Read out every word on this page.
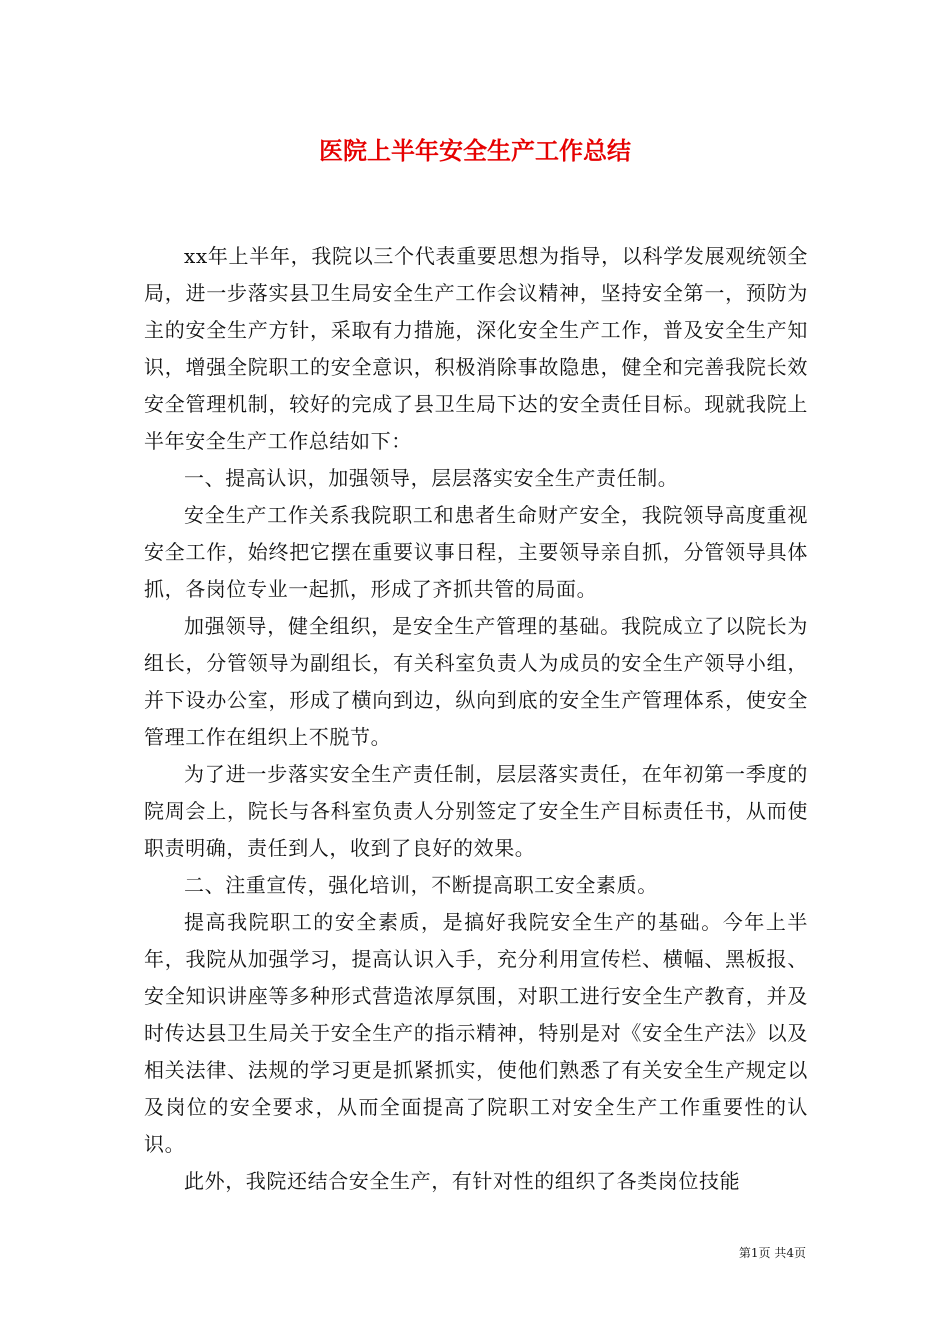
医院上半年安全生产工作总结

xx年上半年，我院以三个代表重要思想为指导，以科学发展观统领全局，进一步落实县卫生局安全生产工作会议精神，坚持安全第一，预防为主的安全生产方针，采取有力措施，深化安全生产工作，普及安全生产知识，增强全院职工的安全意识，积极消除事故隐患，健全和完善我院长效安全管理机制，较好的完成了县卫生局下达的安全责任目标。现就我院上半年安全生产工作总结如下：

一、提高认识，加强领导，层层落实安全生产责任制。

安全生产工作关系我院职工和患者生命财产安全，我院领导高度重视安全工作，始终把它摆在重要议事日程，主要领导亲自抓，分管领导具体抓，各岗位专业一起抓，形成了齐抓共管的局面。

加强领导，健全组织，是安全生产管理的基础。我院成立了以院长为组长，分管领导为副组长，有关科室负责人为成员的安全生产领导小组，并下设办公室，形成了横向到边，纵向到底的安全生产管理体系，使安全管理工作在组织上不脱节。

为了进一步落实安全生产责任制，层层落实责任，在年初第一季度的院周会上，院长与各科室负责人分别签定了安全生产目标责任书，从而使职责明确，责任到人，收到了良好的效果。

二、注重宣传，强化培训，不断提高职工安全素质。

提高我院职工的安全素质，是搞好我院安全生产的基础。今年上半年，我院从加强学习，提高认识入手，充分利用宣传栏、横幅、黑板报、安全知识讲座等多种形式营造浓厚氛围，对职工进行安全生产教育，并及时传达县卫生局关于安全生产的指示精神，特别是对《安全生产法》以及相关法律、法规的学习更是抓紧抓实，使他们熟悉了有关安全生产规定以及岗位的安全要求，从而全面提高了院职工对安全生产工作重要性的认识。

此外，我院还结合安全生产，有针对性的组织了各类岗位技能

第1页 共4页
